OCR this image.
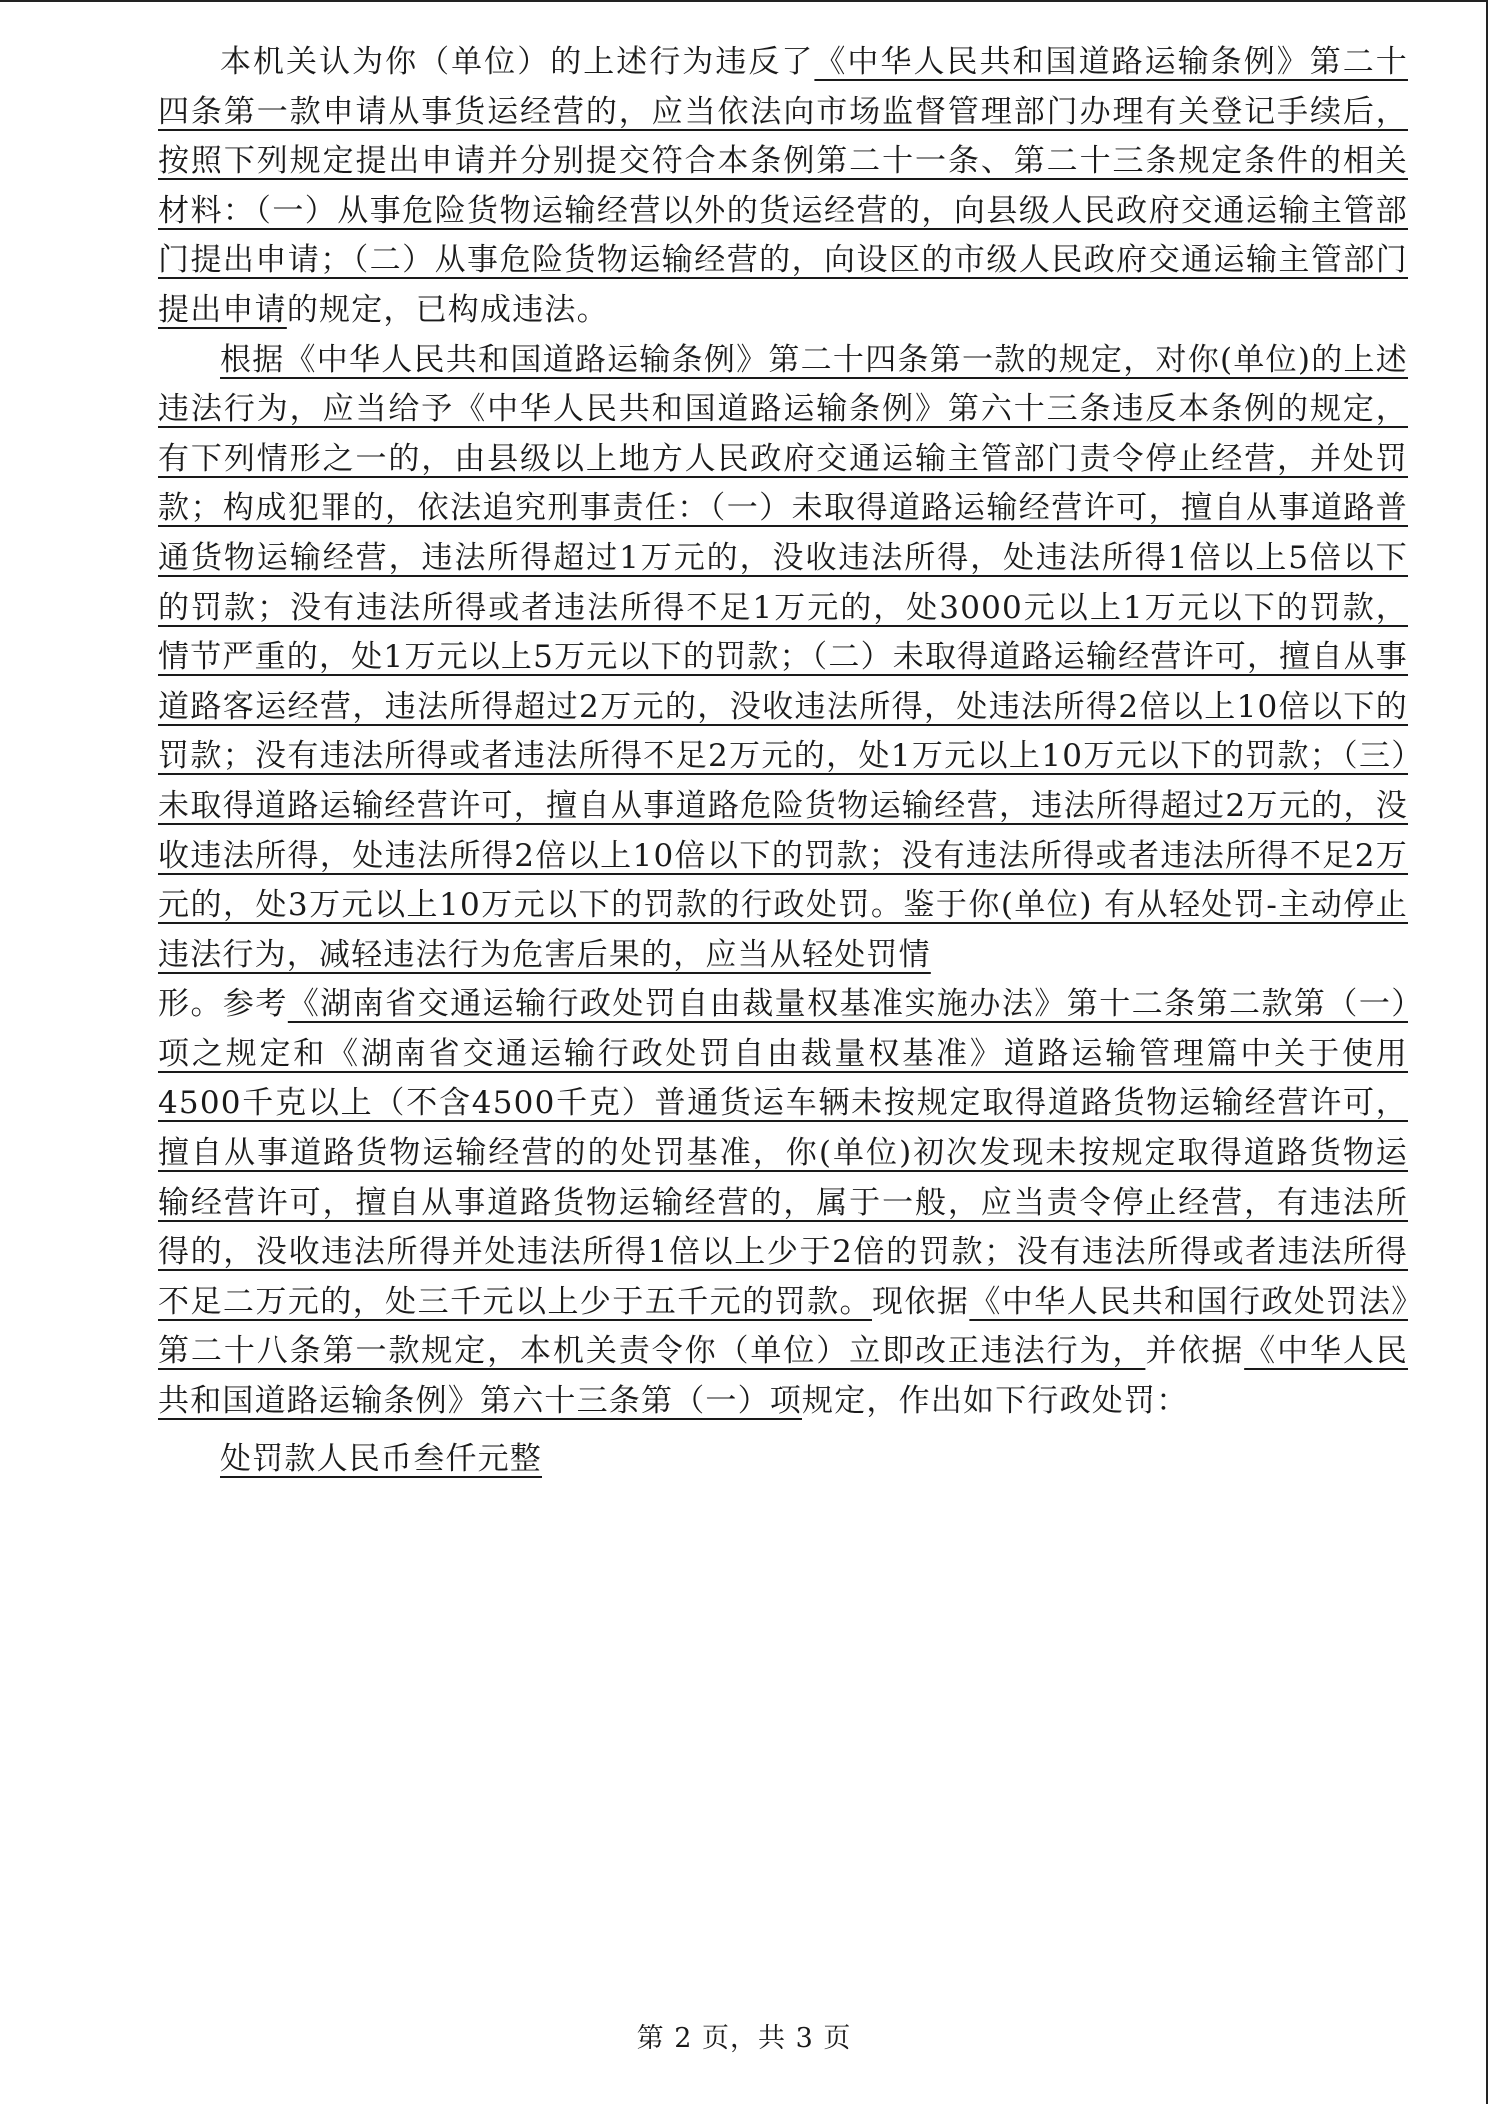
本机关认为你（单位）的上述行为违反了《中华人民共和国道路运输条例》第二十四条第一款申请从事货运经营的，应当依法向市场监督管理部门办理有关登记手续后，按照下列规定提出申请并分别提交符合本条例第二十一条、第二十三条规定条件的相关材料：（一）从事危险货物运输经营以外的货运经营的，向县级人民政府交通运输主管部门提出申请；（二）从事危险货物运输经营的，向设区的市级人民政府交通运输主管部门提出申请的规定，已构成违法。

根据《中华人民共和国道路运输条例》第二十四条第一款的规定，对你(单位)的上述违法行为，应当给予《中华人民共和国道路运输条例》第六十三条违反本条例的规定，有下列情形之一的，由县级以上地方人民政府交通运输主管部门责令停止经营，并处罚款；构成犯罪的，依法追究刑事责任：（一）未取得道路运输经营许可，擅自从事道路普通货物运输经营，违法所得超过1万元的，没收违法所得，处违法所得1倍以上5倍以下的罚款；没有违法所得或者违法所得不足1万元的，处3000元以上1万元以下的罚款，情节严重的，处1万元以上5万元以下的罚款；（二）未取得道路运输经营许可，擅自从事道路客运经营，违法所得超过2万元的，没收违法所得，处违法所得2倍以上10倍以下的罚款；没有违法所得或者违法所得不足2万元的，处1万元以上10万元以下的罚款；（三）未取得道路运输经营许可，擅自从事道路危险货物运输经营，违法所得超过2万元的，没收违法所得，处违法所得2倍以上10倍以下的罚款；没有违法所得或者违法所得不足2万元的，处3万元以上10万元以下的罚款的行政处罚。鉴于你(单位) 有从轻处罚-主动停止违法行为，减轻违法行为危害后果的，应当从轻处罚情

形。参考《湖南省交通运输行政处罚自由裁量权基准实施办法》第十二条第二款第（一）项之规定和《湖南省交通运输行政处罚自由裁量权基准》道路运输管理篇中关于使用4500千克以上（不含4500千克）普通货运车辆未按规定取得道路货物运输经营许可，擅自从事道路货物运输经营的的处罚基准，你(单位)初次发现未按规定取得道路货物运输经营许可，擅自从事道路货物运输经营的，属于一般，应当责令停止经营，有违法所得的，没收违法所得并处违法所得1倍以上少于2倍的罚款；没有违法所得或者违法所得不足二万元的，处三千元以上少于五千元的罚款。现依据《中华人民共和国行政处罚法》第二十八条第一款规定，本机关责令你（单位）立即改正违法行为，并依据《中华人民共和国道路运输条例》第六十三条第（一）项规定，作出如下行政处罚：

处罚款人民币叁仟元整

第 2 页，共 3 页
